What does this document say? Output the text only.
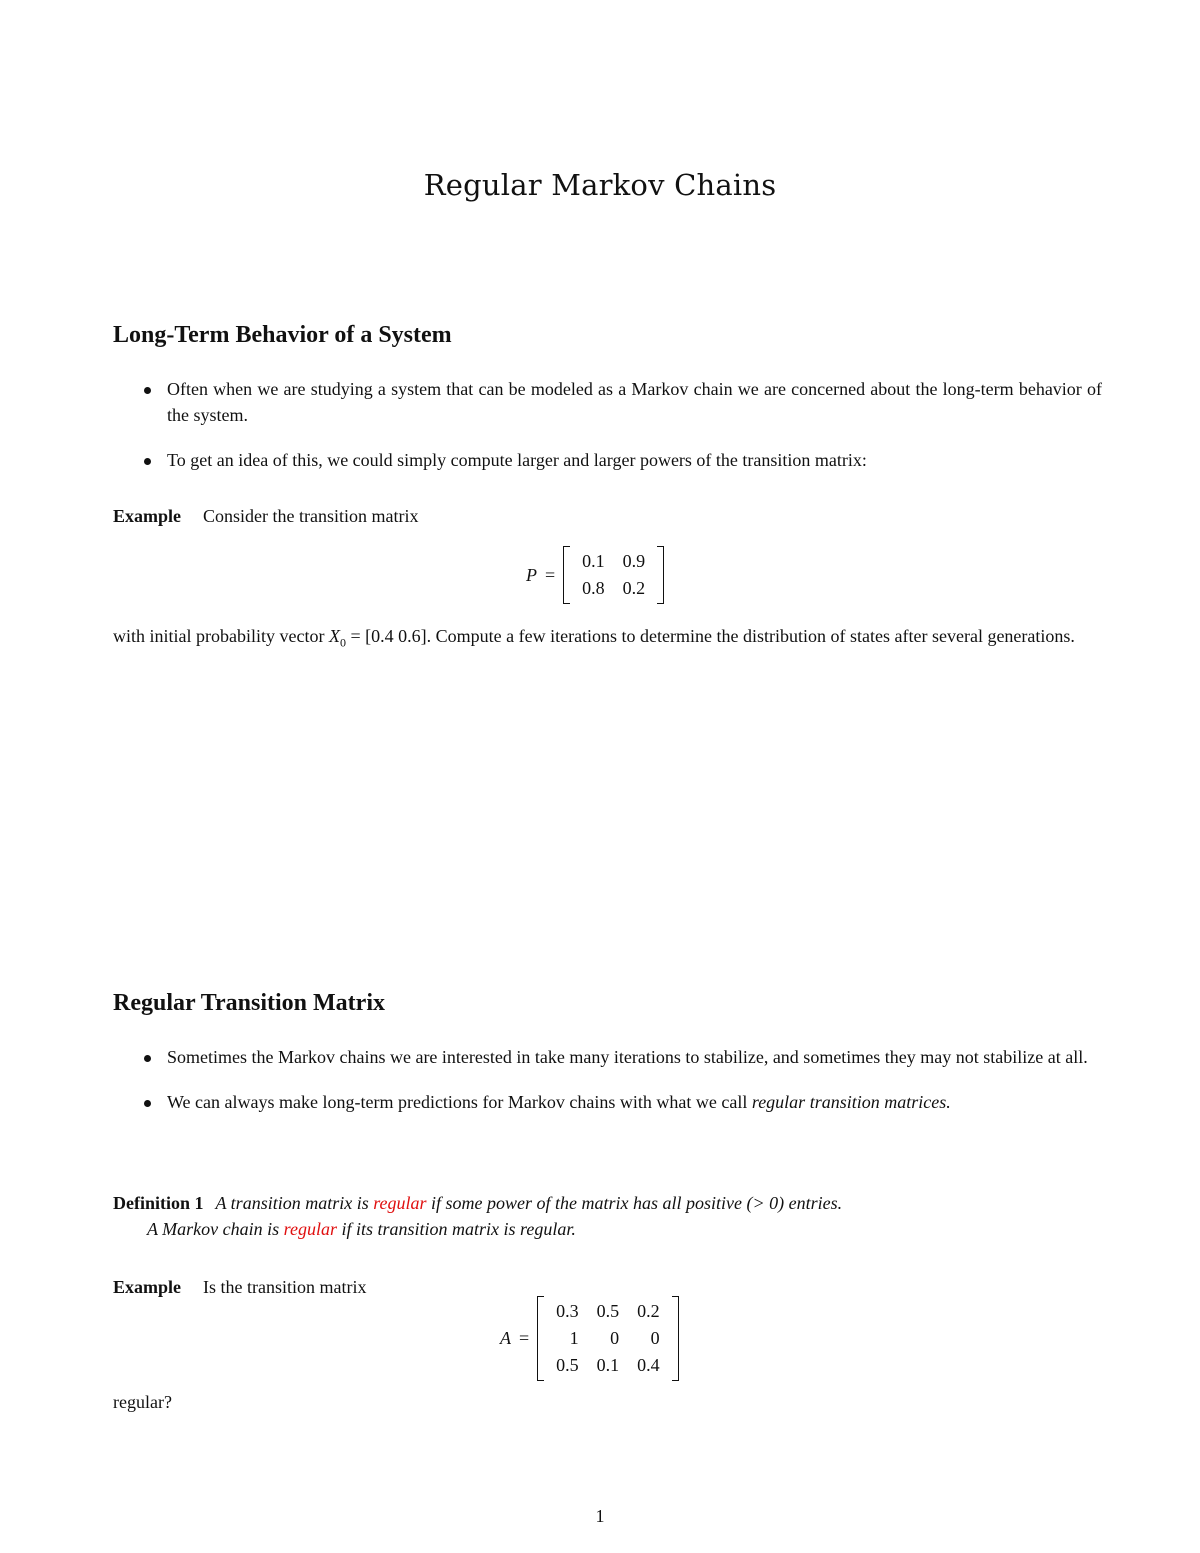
Regular Markov Chains
Long-Term Behavior of a System
Often when we are studying a system that can be modeled as a Markov chain we are concerned about the long-term behavior of the system.
To get an idea of this, we could simply compute larger and larger powers of the transition matrix:
Example Consider the transition matrix
P =
0.1	0.9
0.8	0.2
with initial probability vector $X_0 = [0.4$ 0.6]. Compute a few iterations to determine the distribution of states after several generations.
Regular Transition Matrix
Sometimes the Markov chains we are interested in take many iterations to stabilize, and sometimes they may not stabilize at all.
We can always make long-term predictions for Markov chains with what we call regular transition matrices.
Definition 1 A transition matrix is regular if some power of the matrix has all positive (> 0) entries.
A Markov chain is regular if its transition matrix is regular.
Example Is the transition matrix
A =
0.3	0.5	0.2
1	0	0
0.5	0.1	0.4
regular?
1
